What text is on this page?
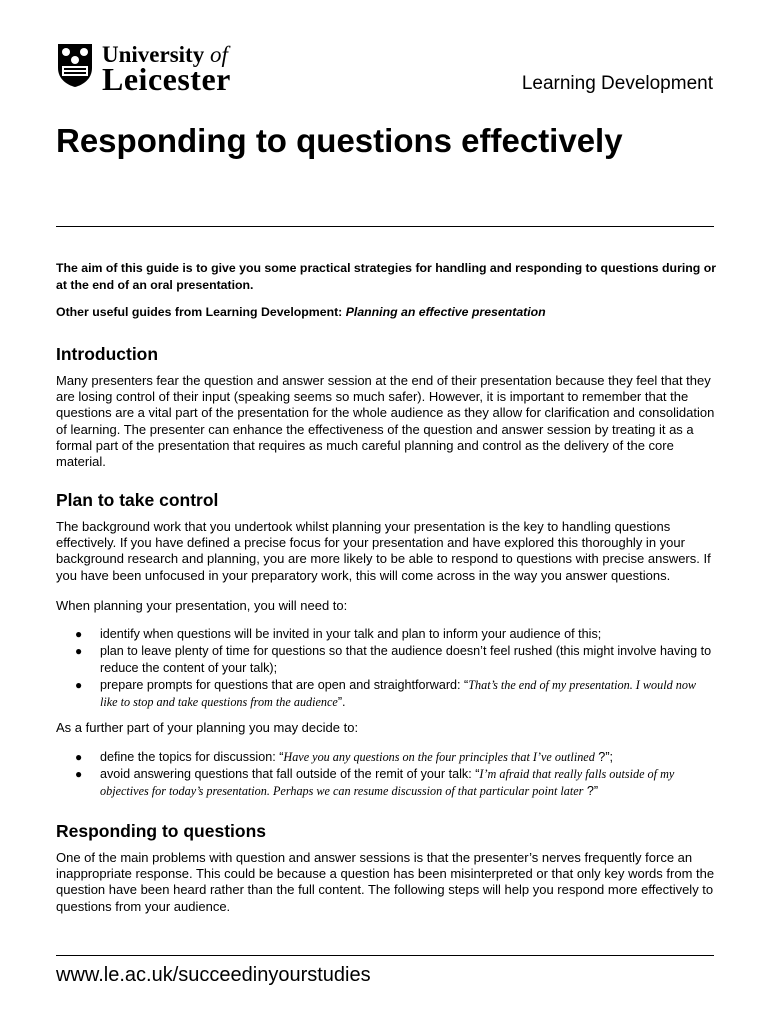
University of
Leicester	Learning Development
Responding to questions effectively

The aim of this guide is to give you some practical strategies for handling and responding to questions during or at the end of an oral presentation.

Other useful guides from Learning Development: Planning an effective presentation

Introduction

Many presenters fear the question and answer session at the end of their presentation because they feel that they are losing control of their input (speaking seems so much safer). However, it is important to remember that the questions are a vital part of the presentation for the whole audience as they allow for clarification and consolidation of learning. The presenter can enhance the effectiveness of the question and answer session by treating it as a formal part of the presentation that requires as much careful planning and control as the delivery of the core material.

Plan to take control

The background work that you undertook whilst planning your presentation is the key to handling questions effectively. If you have defined a precise focus for your presentation and have explored this thoroughly in your background research and planning, you are more likely to be able to respond to questions with precise answers. If you have been unfocused in your preparatory work, this will come across in the way you answer questions.

When planning your presentation, you will need to:

● identify when questions will be invited in your talk and plan to inform your audience of this;
● plan to leave plenty of time for questions so that the audience doesn’t feel rushed (this might involve having to reduce the content of your talk);
● prepare prompts for questions that are open and straightforward: “That’s the end of my presentation. I would now like to stop and take questions from the audience”.

As a further part of your planning you may decide to:

● define the topics for discussion: “Have you any questions on the four principles that I’ve outlined ?”;
● avoid answering questions that fall outside of the remit of your talk: “I’m afraid that really falls outside of my objectives for today’s presentation. Perhaps we can resume discussion of that particular point later ?”
Responding to questions

One of the main problems with question and answer sessions is that the presenter’s nerves frequently force an inappropriate response. This could be because a question has been misinterpreted or that only key words from the question have been heard rather than the full content. The following steps will help you respond more effectively to questions from your audience.

www.le.ac.uk/succeedinyourstudies
